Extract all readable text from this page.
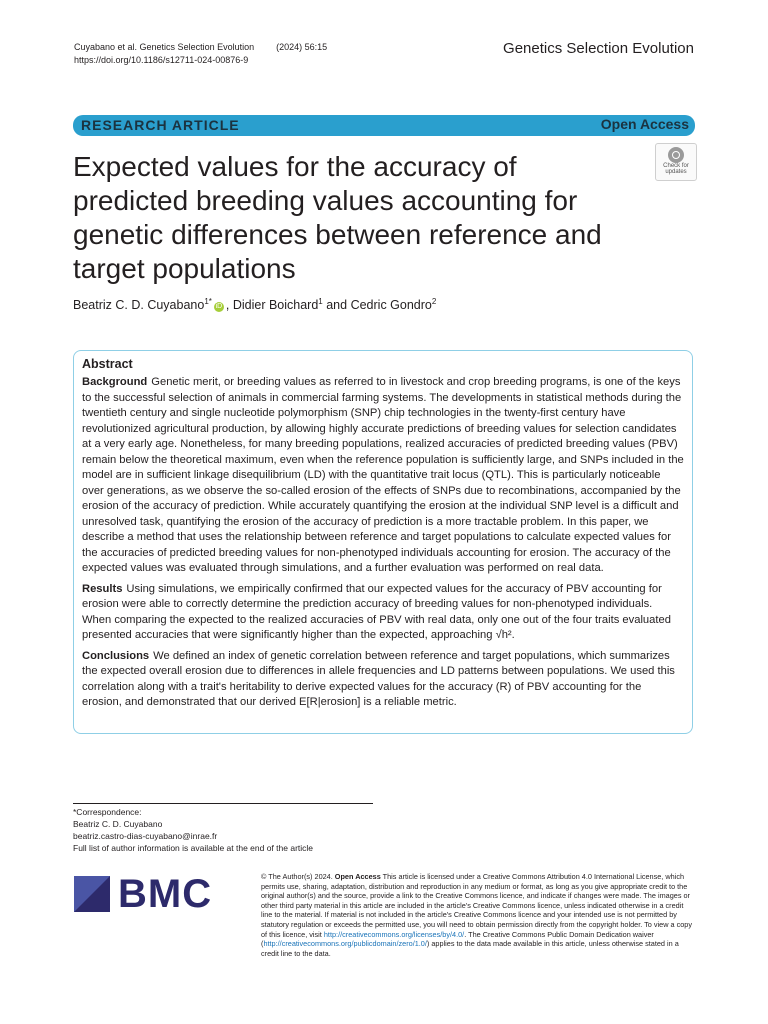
Cuyabano et al. Genetics Selection Evolution (2024) 56:15
https://doi.org/10.1186/s12711-024-00876-9
Genetics Selection Evolution
RESEARCH ARTICLE	Open Access
Check for
updates
Expected values for the accuracy of predicted breeding values accounting for genetic differences between reference and target populations
Beatriz C. D. Cuyabano$^{1*}$iD , Didier Boichard$^1$ and Cedric Gondro$^2$
Abstract

Background Genetic merit, or breeding values as referred to in livestock and crop breeding programs, is one of the keys to the successful selection of animals in commercial farming systems. The developments in statistical methods during the twentieth century and single nucleotide polymorphism (SNP) chip technologies in the twenty-first century have revolutionized agricultural production, by allowing highly accurate predictions of breeding values for selection candidates at a very early age. Nonetheless, for many breeding populations, realized accuracies of predicted breeding values (PBV) remain below the theoretical maximum, even when the reference population is sufficiently large, and SNPs included in the model are in sufficient linkage disequilibrium (LD) with the quantitative trait locus (QTL). This is particularly noticeable over generations, as we observe the so-called erosion of the effects of SNPs due to recombinations, accompanied by the erosion of the accuracy of prediction. While accurately quantifying the erosion at the individual SNP level is a difficult and unresolved task, quantifying the erosion of the accuracy of prediction is a more tractable problem. In this paper, we describe a method that uses the relationship between reference and target populations to calculate expected values for the accuracies of predicted breeding values for non-phenotyped individuals accounting for erosion. The accuracy of the expected values was evaluated through simulations, and a further evaluation was performed on real data.

Results Using simulations, we empirically confirmed that our expected values for the accuracy of PBV accounting for erosion were able to correctly determine the prediction accuracy of breeding values for non-phenotyped individuals. When comparing the expected to the realized accuracies of PBV with real data, only one out of the four traits evaluated presented accuracies that were significantly higher than the expected, approaching √h².

Conclusions We defined an index of genetic correlation between reference and target populations, which summarizes the expected overall erosion due to differences in allele frequencies and LD patterns between populations. We used this correlation along with a trait's heritability to derive expected values for the accuracy (R) of PBV accounting for the erosion, and demonstrated that our derived E[R|erosion] is a reliable metric.

*Correspondence:
Beatriz C. D. Cuyabano
beatriz.castro-dias-cuyabano@inrae.fr
Full list of author information is available at the end of the article
BMC	© The Author(s) 2024. Open Access This article is licensed under a Creative Commons Attribution 4.0 International License, which permits use, sharing, adaptation, distribution and reproduction in any medium or format, as long as you give appropriate credit to the original author(s) and the source, provide a link to the Creative Commons licence, and indicate if changes were made. The images or other third party material in this article are included in the article's Creative Commons licence, unless indicated otherwise in a credit line to the material. If material is not included in the article's Creative Commons licence and your intended use is not permitted by statutory regulation or exceeds the permitted use, you will need to obtain permission directly from the copyright holder. To view a copy of this licence, visit http://creativecommons.org/licenses/by/4.0/. The Creative Commons Public Domain Dedication waiver (http://creativecommons.org/publicdomain/zero/1.0/) applies to the data made available in this article, unless otherwise stated in a credit line to the data.
